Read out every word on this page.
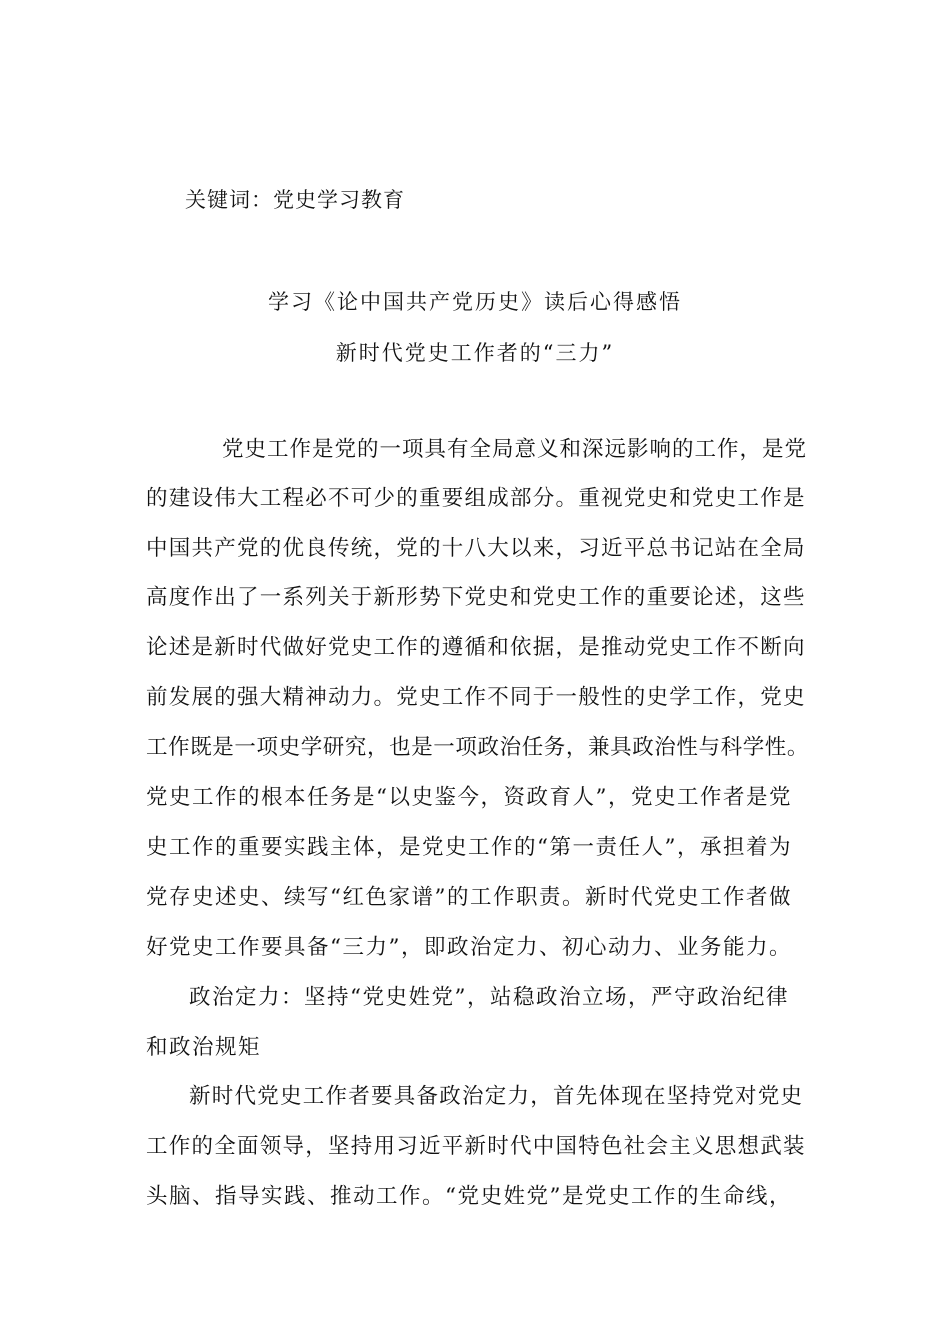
关键词：党史学习教育
学习《论中国共产党历史》读后心得感悟
新时代党史工作者的“三力”
党史工作是党的一项具有全局意义和深远影响的工作，是党
的建设伟大工程必不可少的重要组成部分。重视党史和党史工作是
中国共产党的优良传统，党的十八大以来，习近平总书记站在全局
高度作出了一系列关于新形势下党史和党史工作的重要论述，这些
论述是新时代做好党史工作的遵循和依据，是推动党史工作不断向
前发展的强大精神动力。党史工作不同于一般性的史学工作，党史
工作既是一项史学研究，也是一项政治任务，兼具政治性与科学性。
党史工作的根本任务是“以史鉴今，资政育人”，党史工作者是党
史工作的重要实践主体，是党史工作的“第一责任人”，承担着为
党存史述史、续写“红色家谱”的工作职责。新时代党史工作者做
好党史工作要具备“三力”，即政治定力、初心动力、业务能力。
政治定力：坚持“党史姓党”，站稳政治立场，严守政治纪律
和政治规矩
新时代党史工作者要具备政治定力，首先体现在坚持党对党史
工作的全面领导，坚持用习近平新时代中国特色社会主义思想武装
头脑、指导实践、推动工作。“党史姓党”是党史工作的生命线，
